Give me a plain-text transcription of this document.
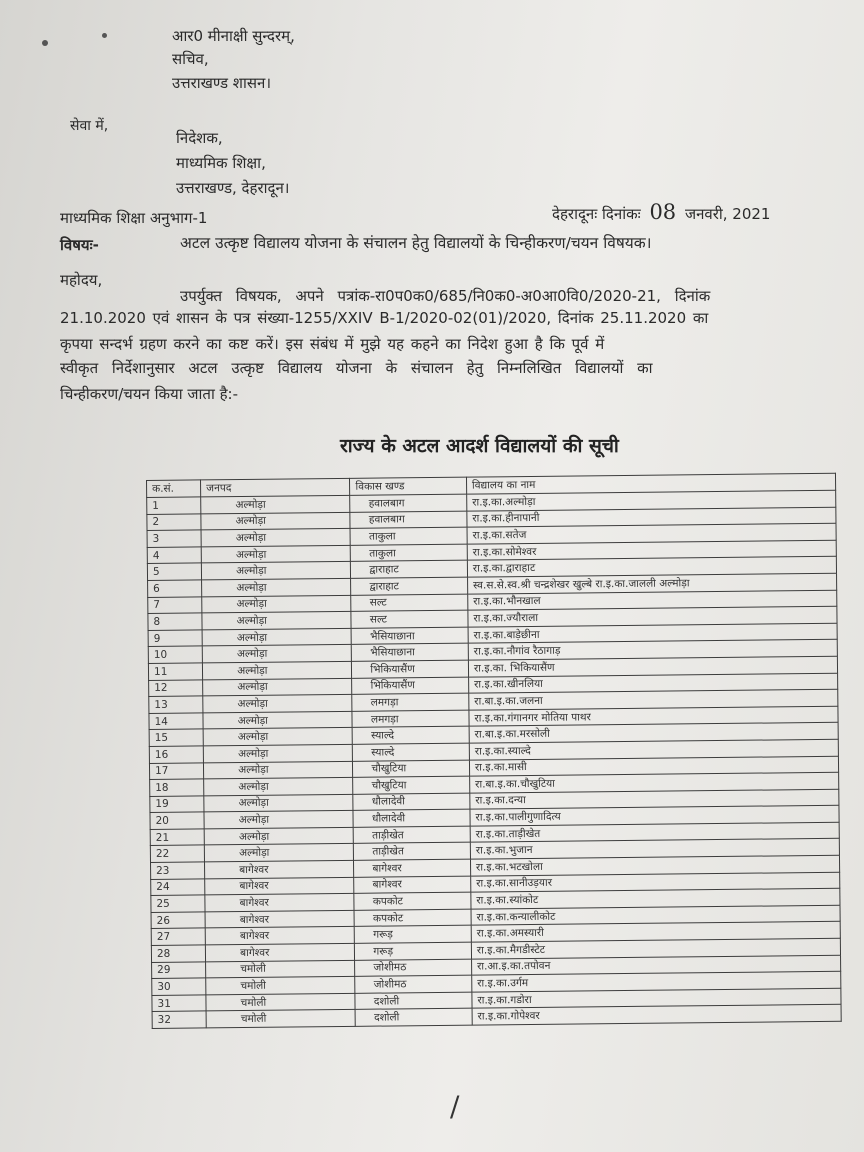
आर0 मीनाक्षी सुन्दरम्,
सचिव,
उत्तराखण्ड शासन।
सेवा में,
निदेशक,
माध्यमिक शिक्षा,
उत्तराखण्ड, देहरादून।
माध्यमिक शिक्षा अनुभाग-1	देहरादूनः दिनांकः 08 जनवरी, 2021
विषयः-	अटल उत्कृष्ट विद्यालय योजना के संचालन हेतु विद्यालयों के चिन्हीकरण/चयन विषयक।
महोदय,
उपर्युक्त विषयक, अपने पत्रांक-रा0प0क0/685/नि0क0-अ0आ0वि0/2020-21, दिनांक
21.10.2020 एवं शासन के पत्र संख्या-1255/XXIV B-1/2020-02(01)/2020, दिनांक 25.11.2020 का
कृपया सन्दर्भ ग्रहण करने का कष्ट करें। इस संबंध में मुझे यह कहने का निदेश हुआ है कि पूर्व में
स्वीकृत निर्देशानुसार अटल उत्कृष्ट विद्यालय योजना के संचालन हेतु निम्नलिखित विद्यालयों का
चिन्हीकरण/चयन किया जाता है:-
राज्य के अटल आदर्श विद्यालयों की सूची
क.सं.	जनपद	विकास खण्ड	विद्यालय का नाम
1	अल्मोड़ा	हवालबाग	रा.इ.का.अल्मोड़ा
2	अल्मोड़ा	हवालबाग	रा.इ.का.हीनापानी
3	अल्मोड़ा	ताकुला	रा.इ.का.सतेज
4	अल्मोड़ा	ताकुला	रा.इ.का.सोमेश्वर
5	अल्मोड़ा	द्वाराहाट	रा.इ.का.द्वाराहाट
6	अल्मोड़ा	द्वाराहाट	स्व.स.से.स्व.श्री चन्द्रशेखर खुल्बे रा.इ.का.जालली अल्मोड़ा
7	अल्मोड़ा	सल्ट	रा.इ.का.भौनखाल
8	अल्मोड़ा	सल्ट	रा.इ.का.ज्यौराला
9	अल्मोड़ा	भैसियाछाना	रा.इ.का.बाड़ेछीना
10	अल्मोड़ा	भैसियाछाना	रा.इ.का.नौगांव रैठागाड़
11	अल्मोड़ा	भिकियासैंण	रा.इ.का. भिकियासैंण
12	अल्मोड़ा	भिकियासैंण	रा.इ.का.खीनलिया
13	अल्मोड़ा	लमगड़ा	रा.बा.इ.का.जलना
14	अल्मोड़ा	लमगड़ा	रा.इ.का.गंगानगर मोतिया पाथर
15	अल्मोड़ा	स्याल्दे	रा.बा.इ.का.मरसोली
16	अल्मोड़ा	स्याल्दे	रा.इ.का.स्याल्दे
17	अल्मोड़ा	चौखुटिया	रा.इ.का.मासी
18	अल्मोड़ा	चौखुटिया	रा.बा.इ.का.चौखुटिया
19	अल्मोड़ा	धौलादेवी	रा.इ.का.दन्या
20	अल्मोड़ा	धौलादेवी	रा.इ.का.पालीगुणादित्य
21	अल्मोड़ा	ताड़ीखेत	रा.इ.का.ताड़ीखेत
22	अल्मोड़ा	ताड़ीखेत	रा.इ.का.भुजान
23	बागेश्वर	बागेश्वर	रा.इ.का.भटखोला
24	बागेश्वर	बागेश्वर	रा.इ.का.सानीउड़यार
25	बागेश्वर	कपकोट	रा.इ.का.स्यांकोट
26	बागेश्वर	कपकोट	रा.इ.का.कन्यालीकोट
27	बागेश्वर	गरूड़	रा.इ.का.अमस्यारी
28	बागेश्वर	गरूड़	रा.इ.का.मैगडीस्टेट
29	चमोली	जोशीमठ	रा.आ.इ.का.तपोवन
30	चमोली	जोशीमठ	रा.इ.का.उर्गम
31	चमोली	दशोली	रा.इ.का.गडोरा
32	चमोली	दशोली	रा.इ.का.गोपेश्वर
/
